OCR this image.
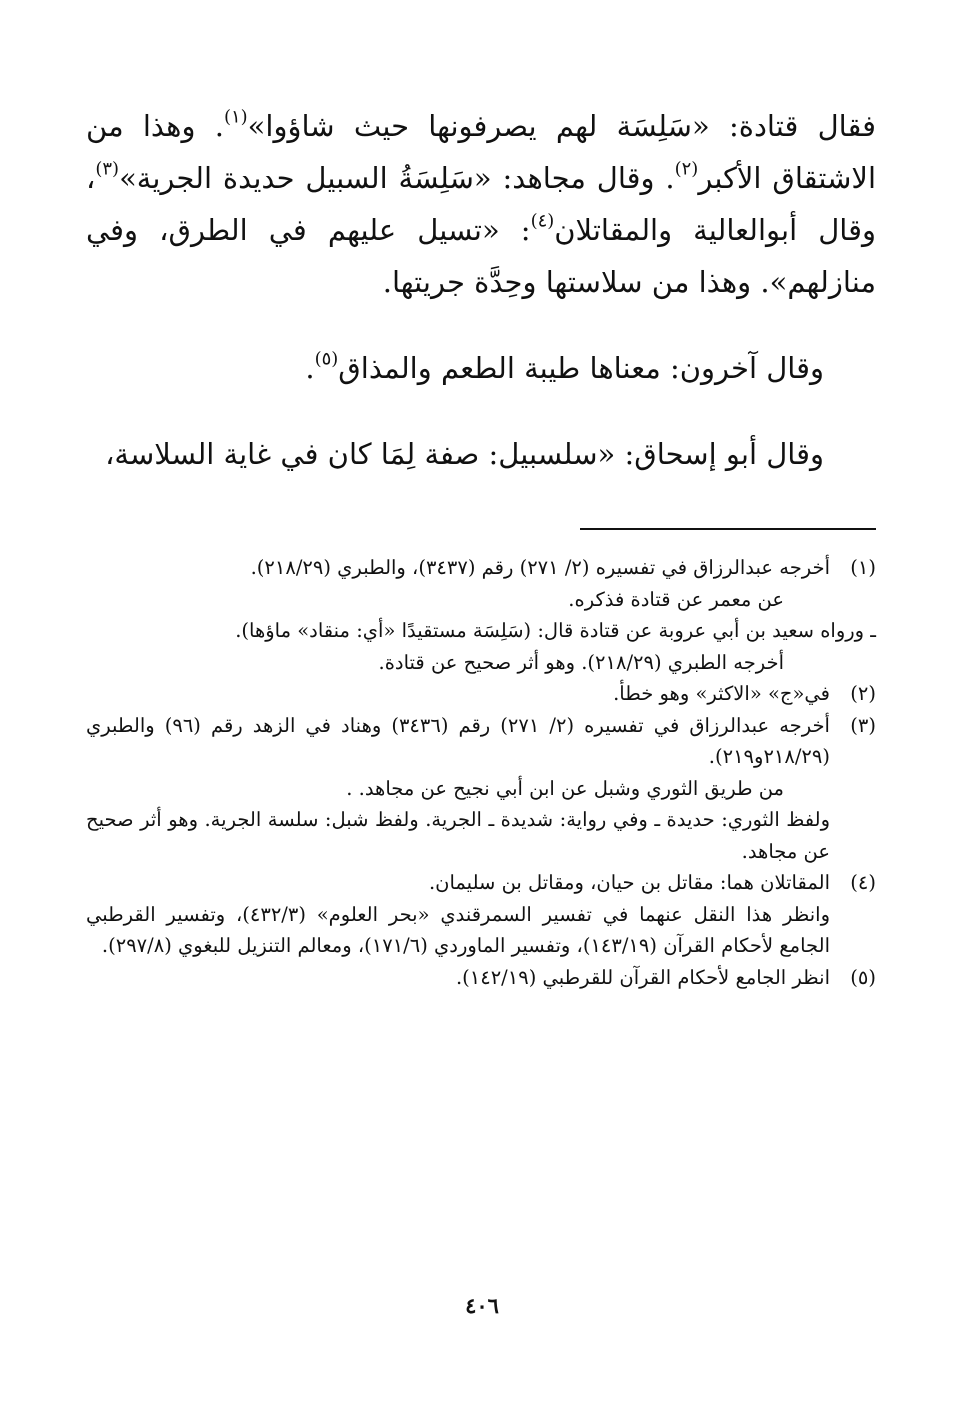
فقال قتادة: «سَلِسَة لهم يصرفونها حيث شاؤوا»$^{(١)}$. وهذا من الاشتقاق الأكبر$^{(٢)}$. وقال مجاهد: «سَلِسَةُ السبيل حديدة الجرية»$^{(٣)}$، وقال أبوالعالية والمقاتلان$^{(٤)}$: «تسيل عليهم في الطرق، وفي منازلهم». وهذا من سلاستها وحِدَّة جريتها.

وقال آخرون: معناها طيبة الطعم والمذاق$^{(٥)}$.

وقال أبو إسحاق: «سلسبيل: صفة لِمَا كان في غاية السلاسة،

(١)
أخرجه عبدالرزاق في تفسيره (٢/ ٢٧١) رقم (٣٤٣٧)، والطبري (٢١٨/٢٩).
عن معمر عن قتادة فذكره.
ـ ورواه سعيد بن أبي عروبة عن قتادة قال: (سَلِسَة مستقيدًا «أي: منقاد» ماؤها).
أخرجه الطبري (٢١٨/٢٩). وهو أثر صحيح عن قتادة.
(٢)
في«ج» «الاكثر» وهو خطأ.
(٣)
أخرجه عبدالرزاق في تفسيره (٢/ ٢٧١) رقم (٣٤٣٦) وهناد في الزهد رقم (٩٦) والطبري (٢١٨/٢٩و٢١٩).
من طريق الثوري وشبل عن ابن أبي نجيح عن مجاهد. .
ولفظ الثوري: حديدة ـ وفي رواية: شديدة ـ الجرية. ولفظ شبل: سلسة الجرية. وهو أثر صحيح عن مجاهد.
(٤)
المقاتلان هما: مقاتل بن حيان، ومقاتل بن سليمان.
وانظر هذا النقل عنهما في تفسير السمرقندي «بحر العلوم» (٤٣٢/٣)، وتفسير القرطبي الجامع لأحكام القرآن (١٤٣/١٩)، وتفسير الماوردي (١٧١/٦)، ومعالم التنزيل للبغوي (٢٩٧/٨).
(٥)
انظر الجامع لأحكام القرآن للقرطبي (١٤٢/١٩).
٤٠٦
